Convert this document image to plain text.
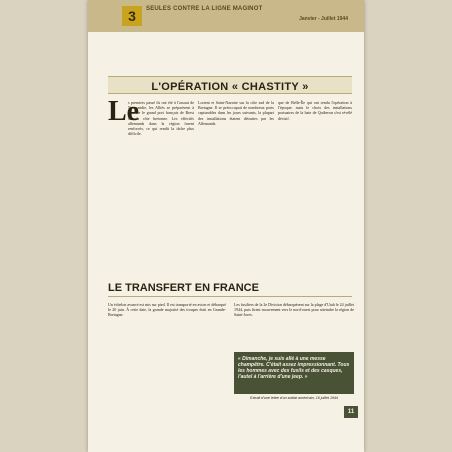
3	SEULES CONTRE LA LIGNE MAGINOT
Janvier - Juillet 1944
L'OPÉRATION « CHASTITY »
Le
s premiers passé ils ont été à l'assaut de Normandie, les Alliés se préparèrent à prendre le grand port français de Brest sur la côte bretonne. Les effectifs allemands dans la région furent renforcés, ce qui rendit la tâche plus difficile.
Lorient et Saint-Nazaire sur la côte sud de la Bretagne. Il se préoccupait de nombreux ports capturables dans les jours suivants, la plupart des installations étaient détruites par les Allemands.
que de Belle-Île qui ont rendu l'opération à l'époque; mais le choix des installations portuaires de la baie de Quiberon s'est révélé décisif.
LE TRANSFERT EN FRANCE
Un échelon avancé est mis sur pied. Il est transporté en avion et débarqué le 20 juin. À cette date, la grande majorité des troupes était en Grande-Bretagne.
Les fusiliers de la 2e Division débarquèrent sur la plage d'Utah le 24 juillet 1944, puis firent mouvement vers le nord-ouest pour atteindre la région de Saint-Jores.
« Dimanche, je suis allé à une messe champêtre. C'était assez impressionnant. Tous les hommes avec des fusils et des casques, l'autel à l'arrière d'une jeep. »
Extrait d'une lettre d'un soldat américain, 16 juillet 1944
11
